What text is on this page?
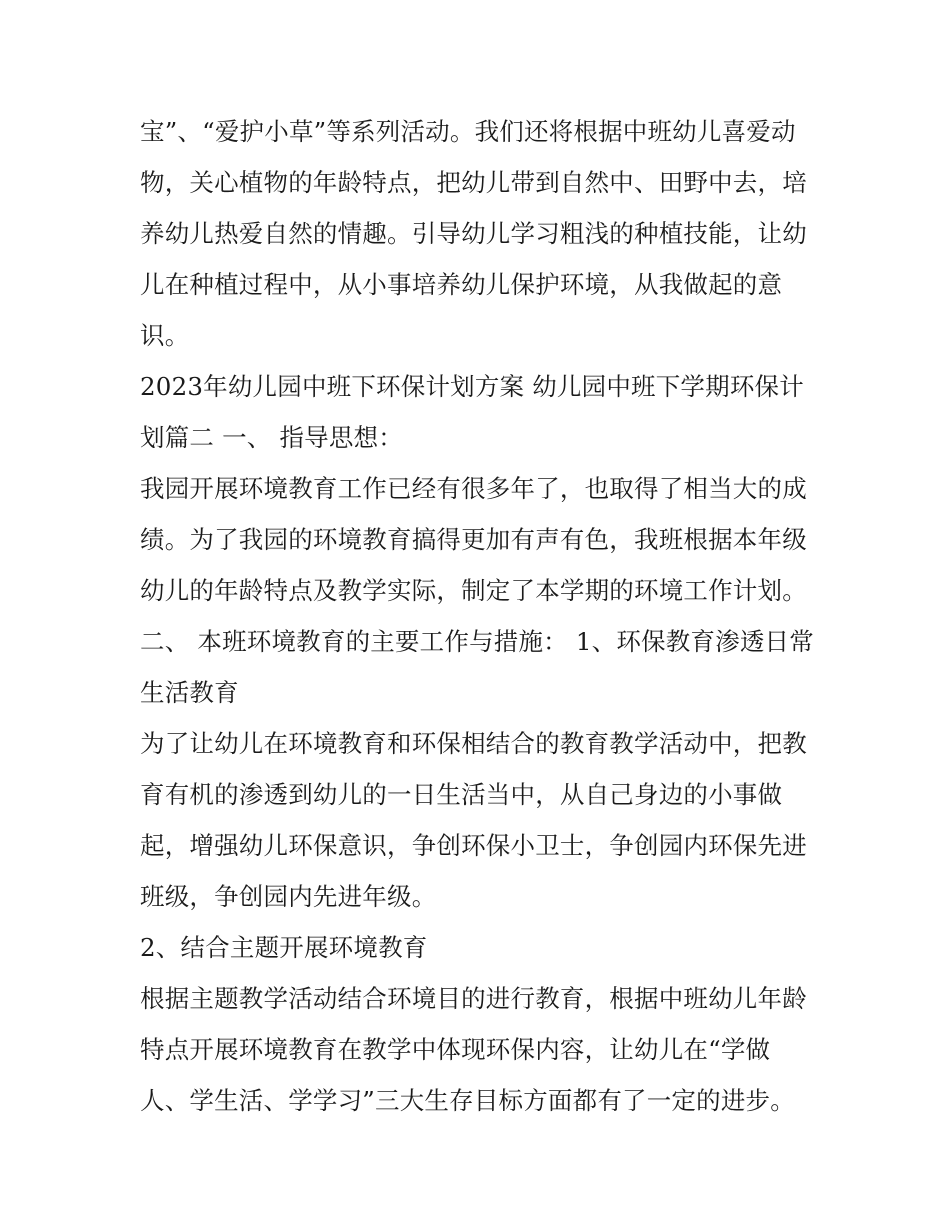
宝”、“爱护小草”等系列活动。我们还将根据中班幼儿喜爱动
物，关心植物的年龄特点，把幼儿带到自然中、田野中去，培
养幼儿热爱自然的情趣。引导幼儿学习粗浅的种植技能，让幼
儿在种植过程中，从小事培养幼儿保护环境，从我做起的意
识。
2023年幼儿园中班下环保计划方案 幼儿园中班下学期环保计
划篇二 一、 指导思想：
我园开展环境教育工作已经有很多年了，也取得了相当大的成
绩。为了我园的环境教育搞得更加有声有色，我班根据本年级
幼儿的年龄特点及教学实际，制定了本学期的环境工作计划。
二、 本班环境教育的主要工作与措施： 1、环保教育渗透日常
生活教育
为了让幼儿在环境教育和环保相结合的教育教学活动中，把教
育有机的渗透到幼儿的一日生活当中，从自己身边的小事做
起，增强幼儿环保意识，争创环保小卫士，争创园内环保先进
班级，争创园内先进年级。
2、结合主题开展环境教育
根据主题教学活动结合环境目的进行教育，根据中班幼儿年龄
特点开展环境教育在教学中体现环保内容，让幼儿在“学做
人、学生活、学学习”三大生存目标方面都有了一定的进步。
